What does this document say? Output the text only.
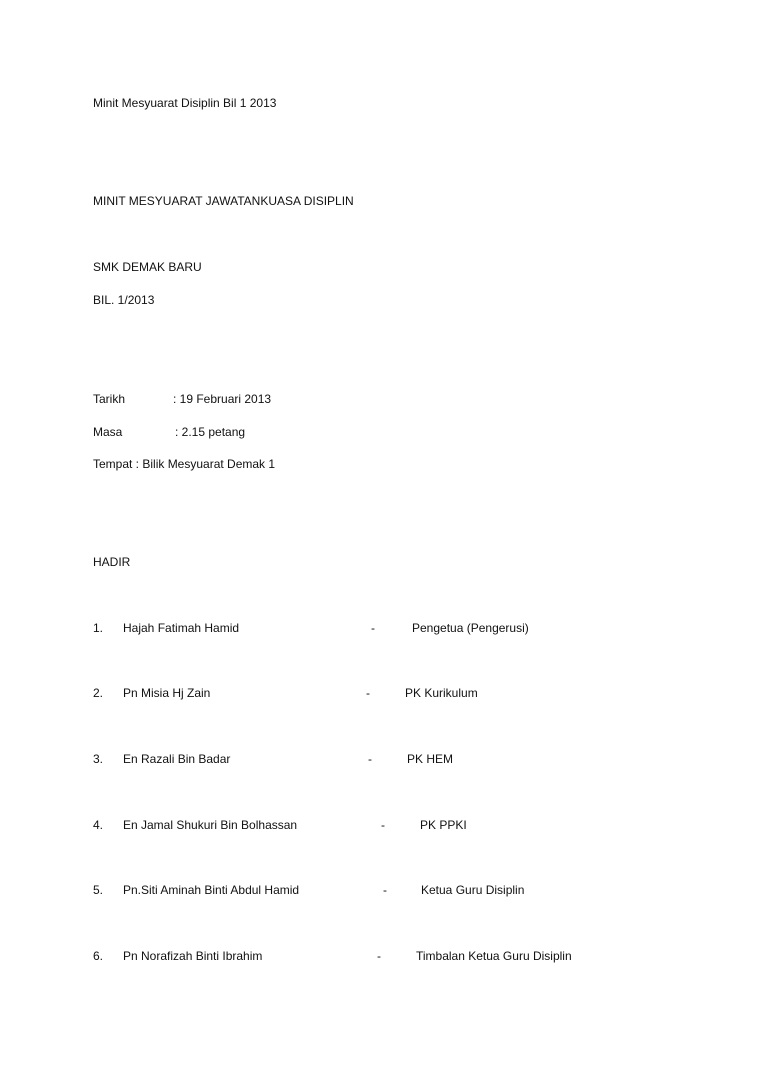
Minit Mesyuarat Disiplin Bil 1 2013
MINIT MESYUARAT JAWATANKUASA DISIPLIN
SMK DEMAK BARU
BIL. 1/2013
Tarikh	: 19 Februari 2013
Masa	: 2.15 petang
Tempat : Bilik Mesyuarat Demak 1
HADIR
1. Hajah Fatimah Hamid	-	Pengetua (Pengerusi)
2. Pn Misia Hj Zain	-	PK Kurikulum
3. En Razali Bin Badar	-	PK HEM
4. En Jamal Shukuri Bin Bolhassan	-	PK PPKI
5. Pn.Siti Aminah Binti Abdul Hamid	-	Ketua Guru Disiplin
6. Pn Norafizah Binti Ibrahim	-	Timbalan Ketua Guru Disiplin
